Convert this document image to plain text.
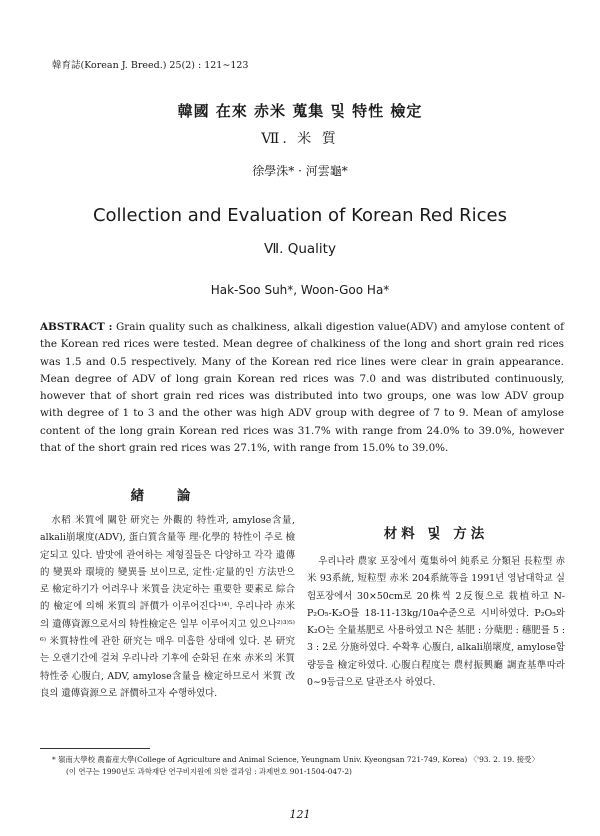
韓育誌(Korean J. Breed.) 25(2) : 121∼123
韓國 在來 赤米 蒐集 및 特性 檢定
Ⅶ. 米 質
徐學洙* · 河雲龜*
Collection and Evaluation of Korean Red Rices
Ⅶ. Quality
Hak-Soo Suh*, Woon-Goo Ha*
ABSTRACT : Grain quality such as chalkiness, alkali digestion value(ADV) and amylose content of the Korean red rices were tested. Mean degree of chalkiness of the long and short grain red rices was 1.5 and 0.5 respectively. Many of the Korean red rice lines were clear in grain appearance. Mean degree of ADV of long grain Korean red rices was 7.0 and was distributed continuously, however that of short grain red rices was distributed into two groups, one was low ADV group with degree of 1 to 3 and the other was high ADV group with degree of 7 to 9. Mean of amylose content of the long grain Korean red rices was 31.7% with range from 24.0% to 39.0%, however that of the short grain red rices was 27.1%, with range from 15.0% to 39.0%.
緖 論

水稻 米質에 關한 研究는 外觀的 特性과, amylose含量, alkali崩壞度(ADV), 蛋白質含量等 理·化學的 特性이 주로 檢定되고 있다. 밥맛에 관여하는 제형질들은 다양하고 각각 遺傳的 變異와 環境的 變異를 보이므로, 定性·定量的인 方法만으로 檢定하기가 어려우나 米質을 決定하는 重要한 要素로 綜合的 檢定에 의해 米質의 評價가 이루어진다¹⁾⁴⁾. 우리나라 赤米의 遺傳資源으로서의 特性檢定은 일부 이루어지고 있으나²⁾³⁾⁵⁾⁶⁾ 米質特性에 관한 研究는 매우 미흡한 상태에 있다. 본 研究는 오랜기간에 걸쳐 우리나라 기후에 순화된 在來 赤米의 米質特性중 心腹白, ADV, amylose含量을 檢定하므로서 米質 改良의 遺傳資源으로 評價하고자 수행하였다.

材料 및 方法

우리나라 農家 포장에서 蒐集하여 純系로 分類된 長粒型 赤米 93系統, 短粒型 赤米 204系統等을 1991년 영남대학교 실험포장에서 30×50cm로 20株씩 2反復으로 栽植하고 N-P₂O₅-K₂O를 18-11-13kg/10a수준으로 시비하였다. P₂O₅와 K₂O는 全量基肥로 사용하였고 N은 基肥 : 分蘖肥 : 穗肥를 5 : 3 : 2로 分施하였다. 수확후 心腹白, alkali崩壞度, amylose함량등을 檢定하였다. 心腹白程度는 農村振興廳 調査基準따라 0∼9등급으로 달관조사 하였다.

* 嶺南大學校 農畜産大學(College of Agriculture and Animal Science, Yeungnam Univ. Kyeongsan 721-749, Korea) 〈'93. 2. 19. 接受〉
(이 연구는 1990년도 과학재단 연구비지원에 의한 결과임 : 과제번호 901-1504-047-2)
121
